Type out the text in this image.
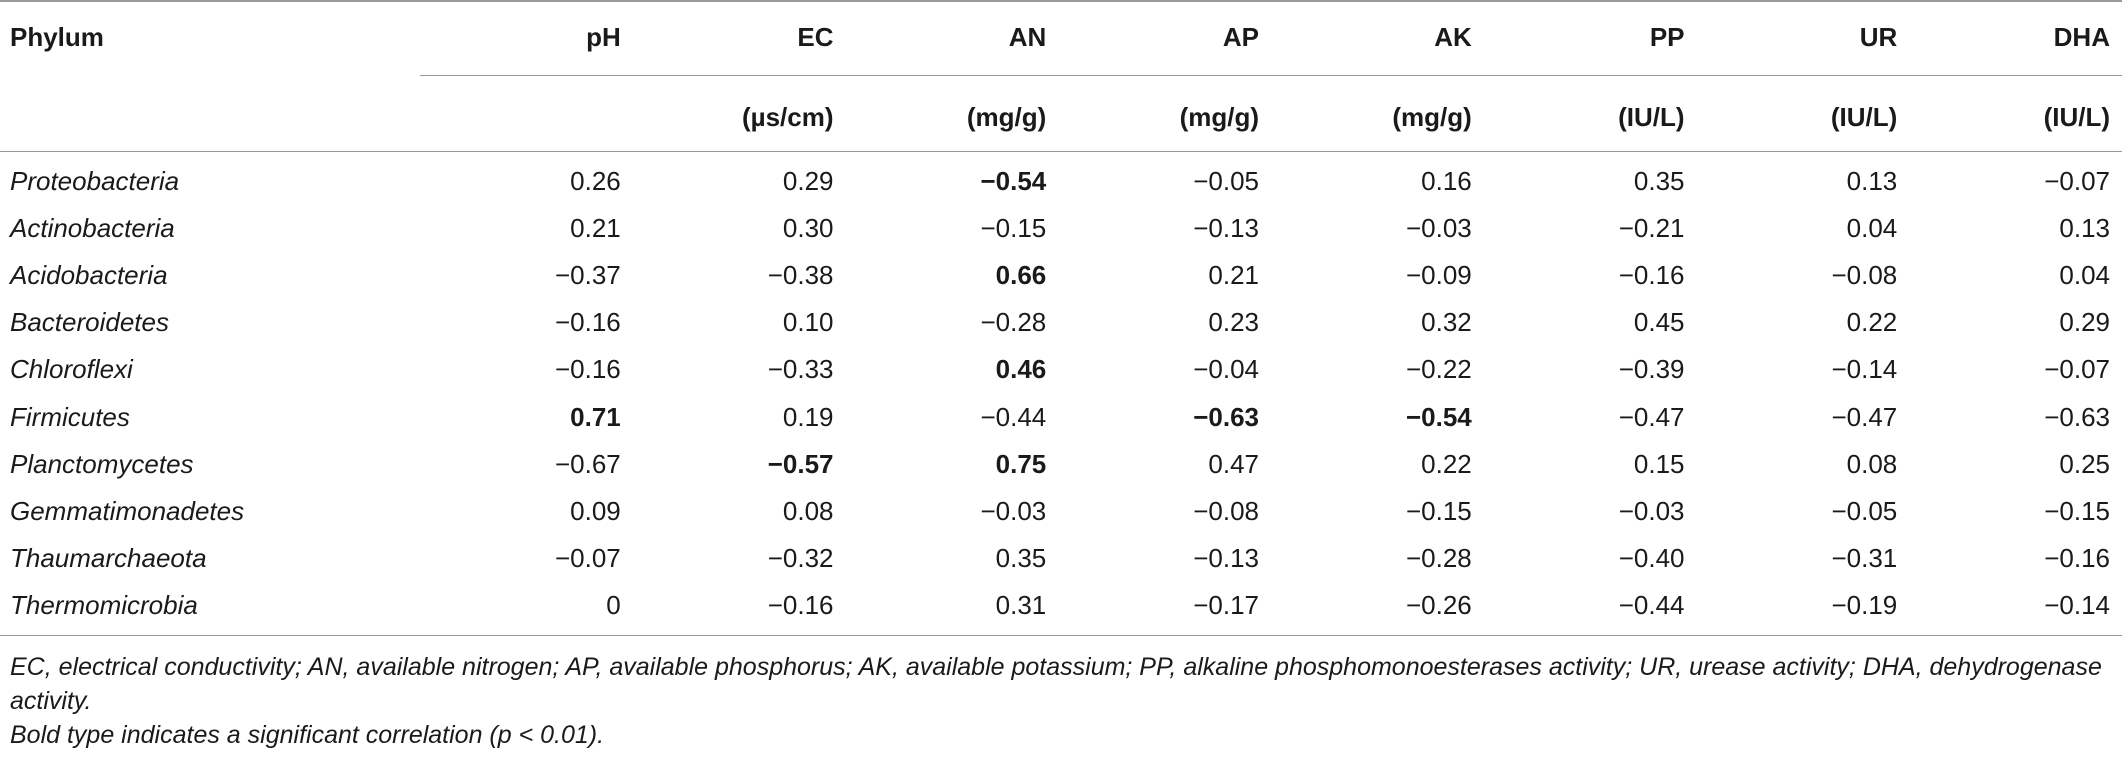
Phylum	pH	EC	AN	AP	AK	PP	UR	DHA
		(µs/cm)	(mg/g)	(mg/g)	(mg/g)	(IU/L)	(IU/L)	(IU/L)
Proteobacteria	0.26	0.29	−0.54	−0.05	0.16	0.35	0.13	−0.07
Actinobacteria	0.21	0.30	−0.15	−0.13	−0.03	−0.21	0.04	0.13
Acidobacteria	−0.37	−0.38	0.66	0.21	−0.09	−0.16	−0.08	0.04
Bacteroidetes	−0.16	0.10	−0.28	0.23	0.32	0.45	0.22	0.29
Chloroflexi	−0.16	−0.33	0.46	−0.04	−0.22	−0.39	−0.14	−0.07
Firmicutes	0.71	0.19	−0.44	−0.63	−0.54	−0.47	−0.47	−0.63
Planctomycetes	−0.67	−0.57	0.75	0.47	0.22	0.15	0.08	0.25
Gemmatimonadetes	0.09	0.08	−0.03	−0.08	−0.15	−0.03	−0.05	−0.15
Thaumarchaeota	−0.07	−0.32	0.35	−0.13	−0.28	−0.40	−0.31	−0.16
Thermomicrobia	0	−0.16	0.31	−0.17	−0.26	−0.44	−0.19	−0.14

EC, electrical conductivity; AN, available nitrogen; AP, available phosphorus; AK, available potassium; PP, alkaline phosphomonoesterases activity; UR, urease activity; DHA, dehydrogenase activity.

Bold type indicates a significant correlation (p < 0.01).
